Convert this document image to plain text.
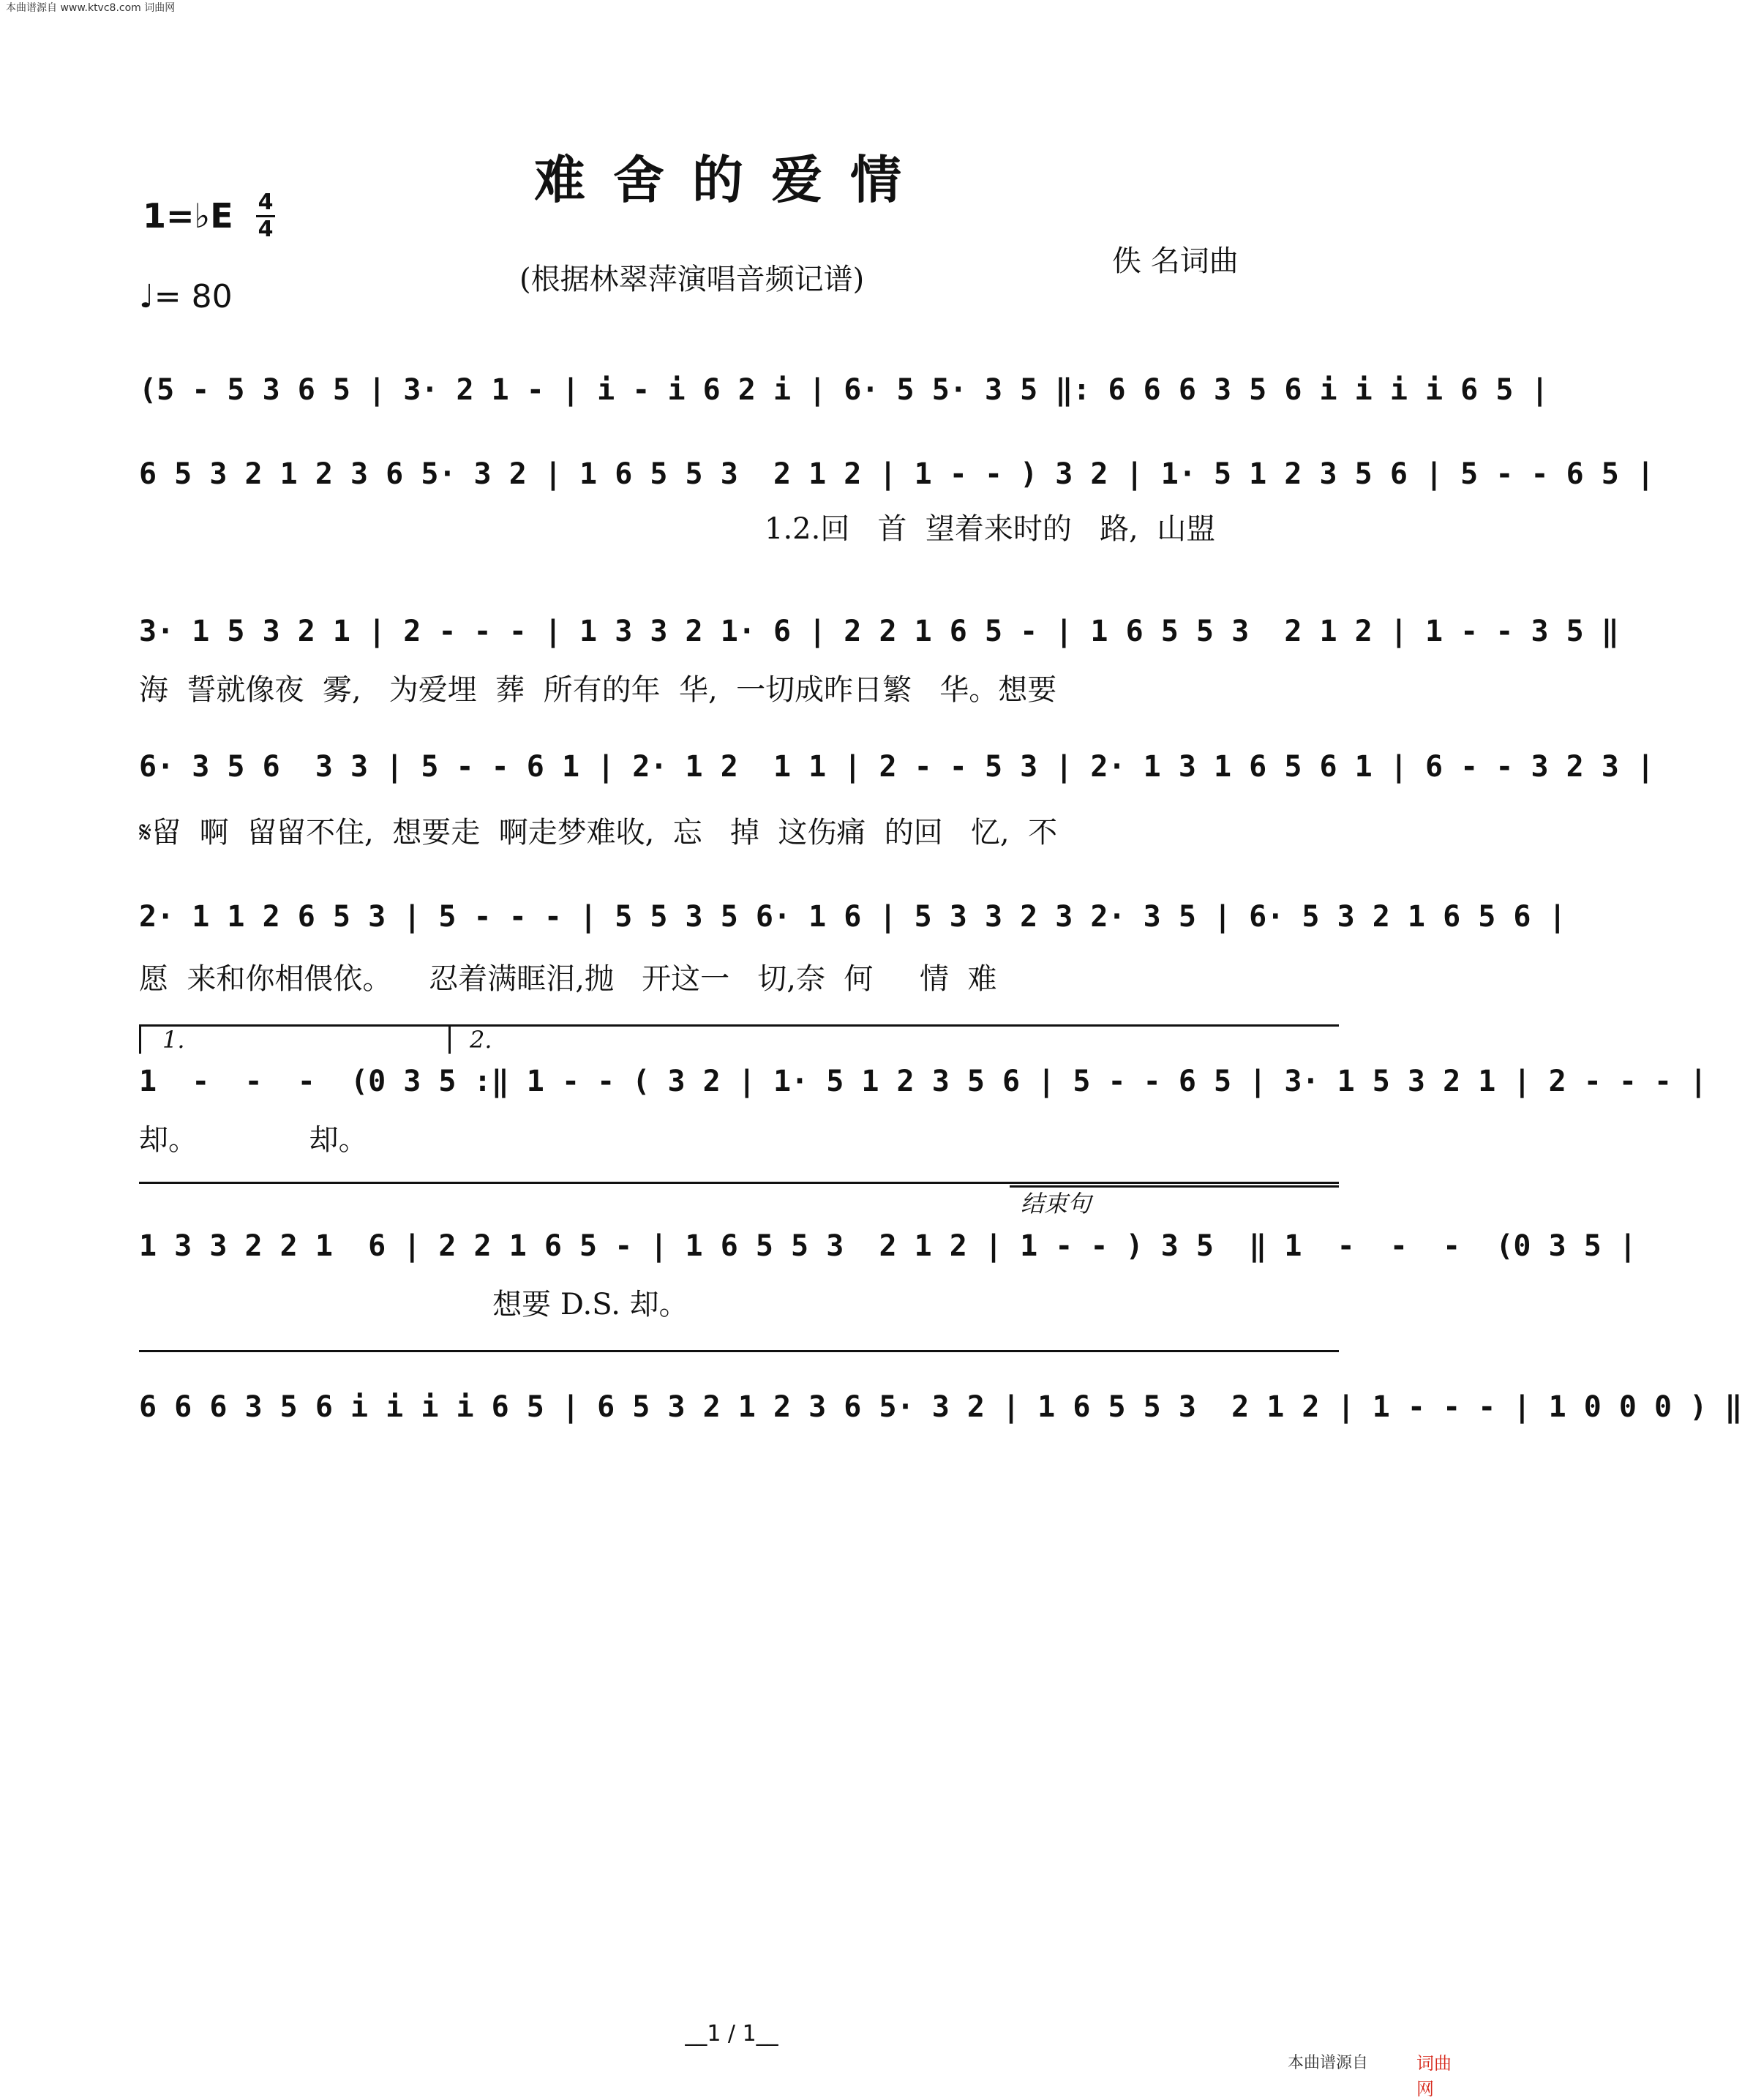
本曲谱源自 www.ktvc8.com 词曲网
难舍的爱情
1=♭E 4
4
♩= 80	(根据林翠萍演唱音频记谱)
佚 名词曲
(5 - 5 3 6 5 | 3· 2 1 - | i - i 6 2 i | 6· 5 5· 3 5 ‖: 6 6 6 3 5 6 i i i i 6 5 |
6 5 3 2 1 2 3 6 5· 3 2 | 1 6 5 5 3  2 1 2 | 1 - - ) 3 2 | 1· 5 1 2 3 5 6 | 5 - - 6 5 |
1.2.回   首  望着来时的   路,  山盟
3· 1 5 3 2 1 | 2 - - - | 1 3 3 2 1· 6 | 2 2 1 6 5 - | 1 6 5 5 3  2 1 2 | 1 - - 3 5 ‖
海  誓就像夜  雾,   为爱埋  葬  所有的年  华,  一切成昨日繁   华。想要
6· 3 5 6  3 3 | 5 - - 6 1 | 2· 1 2  1 1 | 2 - - 5 3 | 2· 1 3 1 6 5 6 1 | 6 - - 3 2 3 |
𝄋留  啊  留留不住,  想要走  啊走梦难收,  忘   掉  这伤痛  的回   忆,  不
2· 1 1 2 6 5 3 | 5 - - - | 5 5 3 5 6· 1 6 | 5 3 3 2 3 2· 3 5 | 6· 5 3 2 1 6 5 6 |
愿  来和你相偎依。    忍着满眶泪,抛   开这一   切,奈  何     情  难
1.	2.
1  -  -  -  (0 3 5 :‖ 1 - - ( 3 2 | 1· 5 1 2 3 5 6 | 5 - - 6 5 | 3· 1 5 3 2 1 | 2 - - - |
却。            却。
结束句
1 3 3 2 2 1  6 | 2 2 1 6 5 - | 1 6 5 5 3  2 1 2 | 1 - - ) 3 5  ‖ 1  -  -  -  (0 3 5 |
想要 D.S. 却。
6 6 6 3 5 6 i i i i 6 5 | 6 5 3 2 1 2 3 6 5· 3 2 | 1 6 5 5 3  2 1 2 | 1 - - - | 1 0 0 0 ) ‖
__1 / 1__
本曲谱源自	词曲网
